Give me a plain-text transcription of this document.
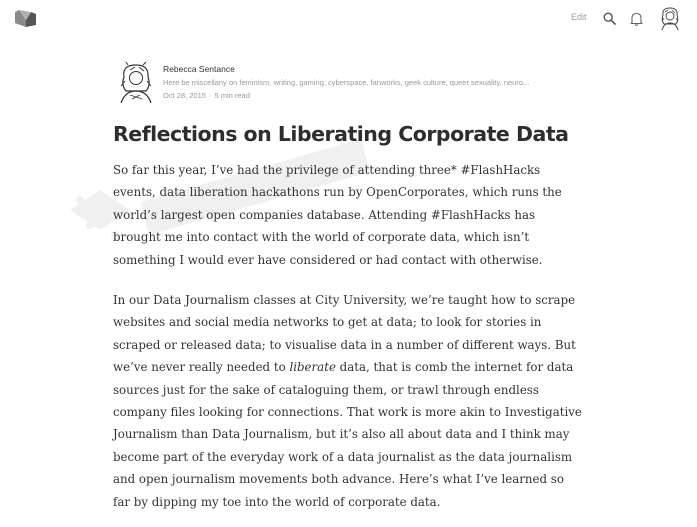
Edit
Rebecca Sentance
Here be miscellany on feminism, writing, gaming, cyberspace, fanworks, geek culture, queer sexuality, neuro...
Oct 28, 2015 · 5 min read
Reflections on Liberating Corporate Data

So far this year, I’ve had the privilege of attending three* #FlashHacks events, data liberation hackathons run by OpenCorporates, which runs the world’s largest open companies database. Attending #FlashHacks has brought me into contact with the world of corporate data, which isn’t something I would ever have considered or had contact with otherwise.

In our Data Journalism classes at City University, we’re taught how to scrape websites and social media networks to get at data; to look for stories in scraped or released data; to visualise data in a number of different ways. But we’ve never really needed to liberate data, that is comb the internet for data sources just for the sake of cataloguing them, or trawl through endless company files looking for connections. That work is more akin to Investigative Journalism than Data Journalism, but it’s also all about data and I think may become part of the everyday work of a data journalist as the data journalism and open journalism movements both advance. Here’s what I’ve learned so far by dipping my toe into the world of corporate data.
